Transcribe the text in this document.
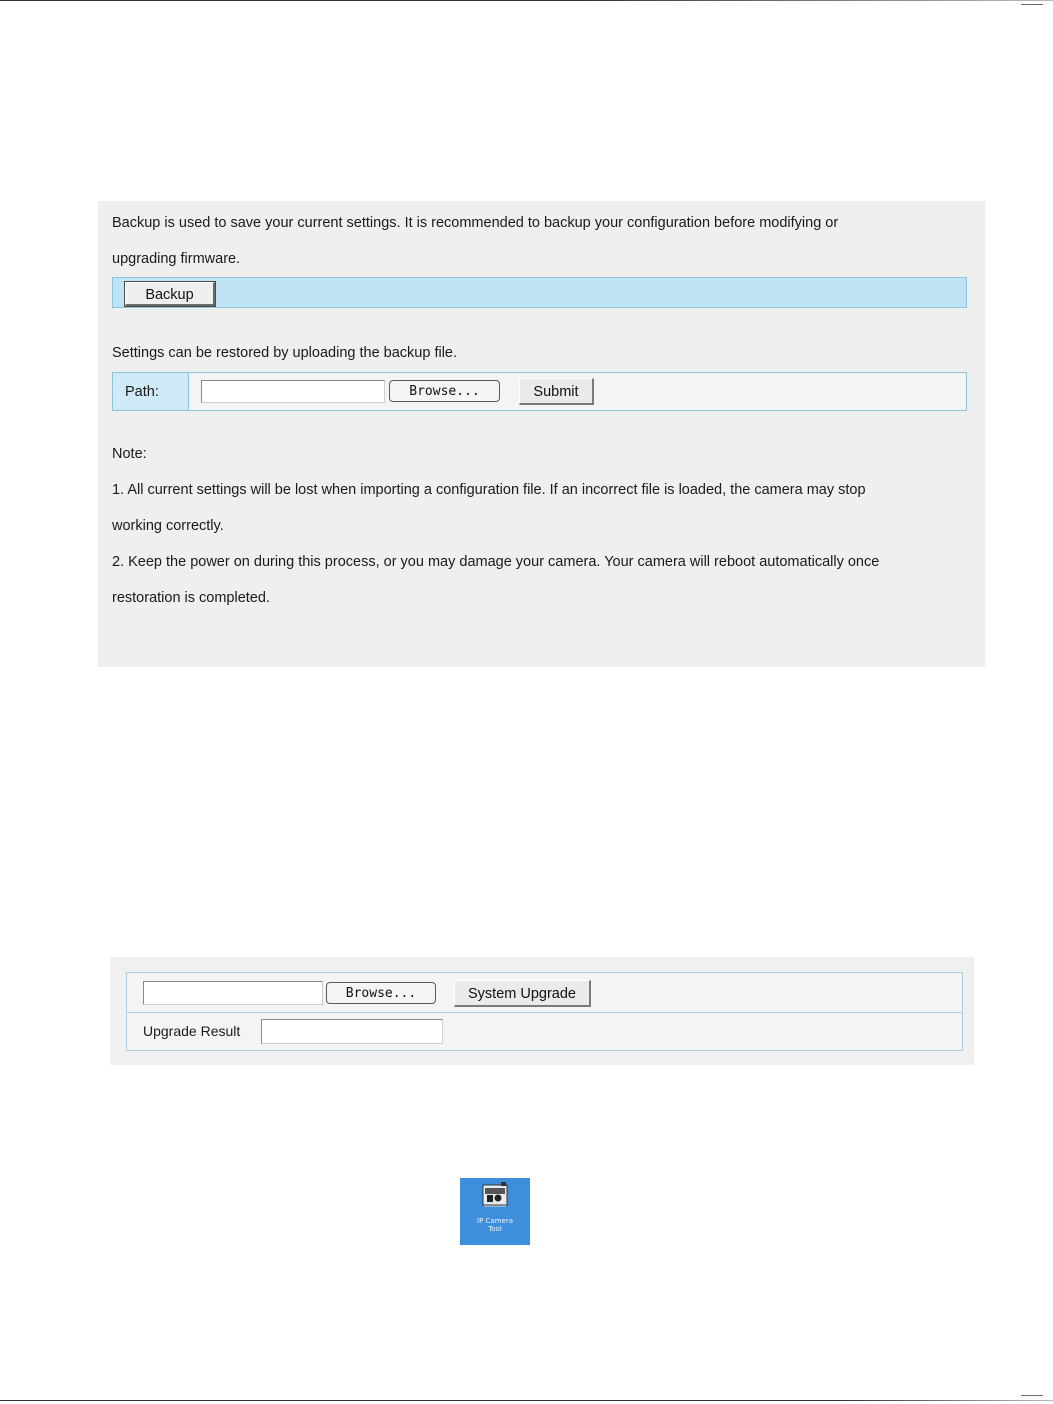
Backup is used to save your current settings. It is recommended to backup your configuration before modifying or
upgrading firmware.
Backup
Settings can be restored by uploading the backup file.
Path:	Browse...	Submit
Note:
1. All current settings will be lost when importing a configuration file. If an incorrect file is loaded, the camera may stop
working correctly.
2. Keep the power on during this process, or you may damage your camera. Your camera will reboot automatically once
restoration is completed.
Browse...	System Upgrade
Upgrade Result
IP Camera
Tool
